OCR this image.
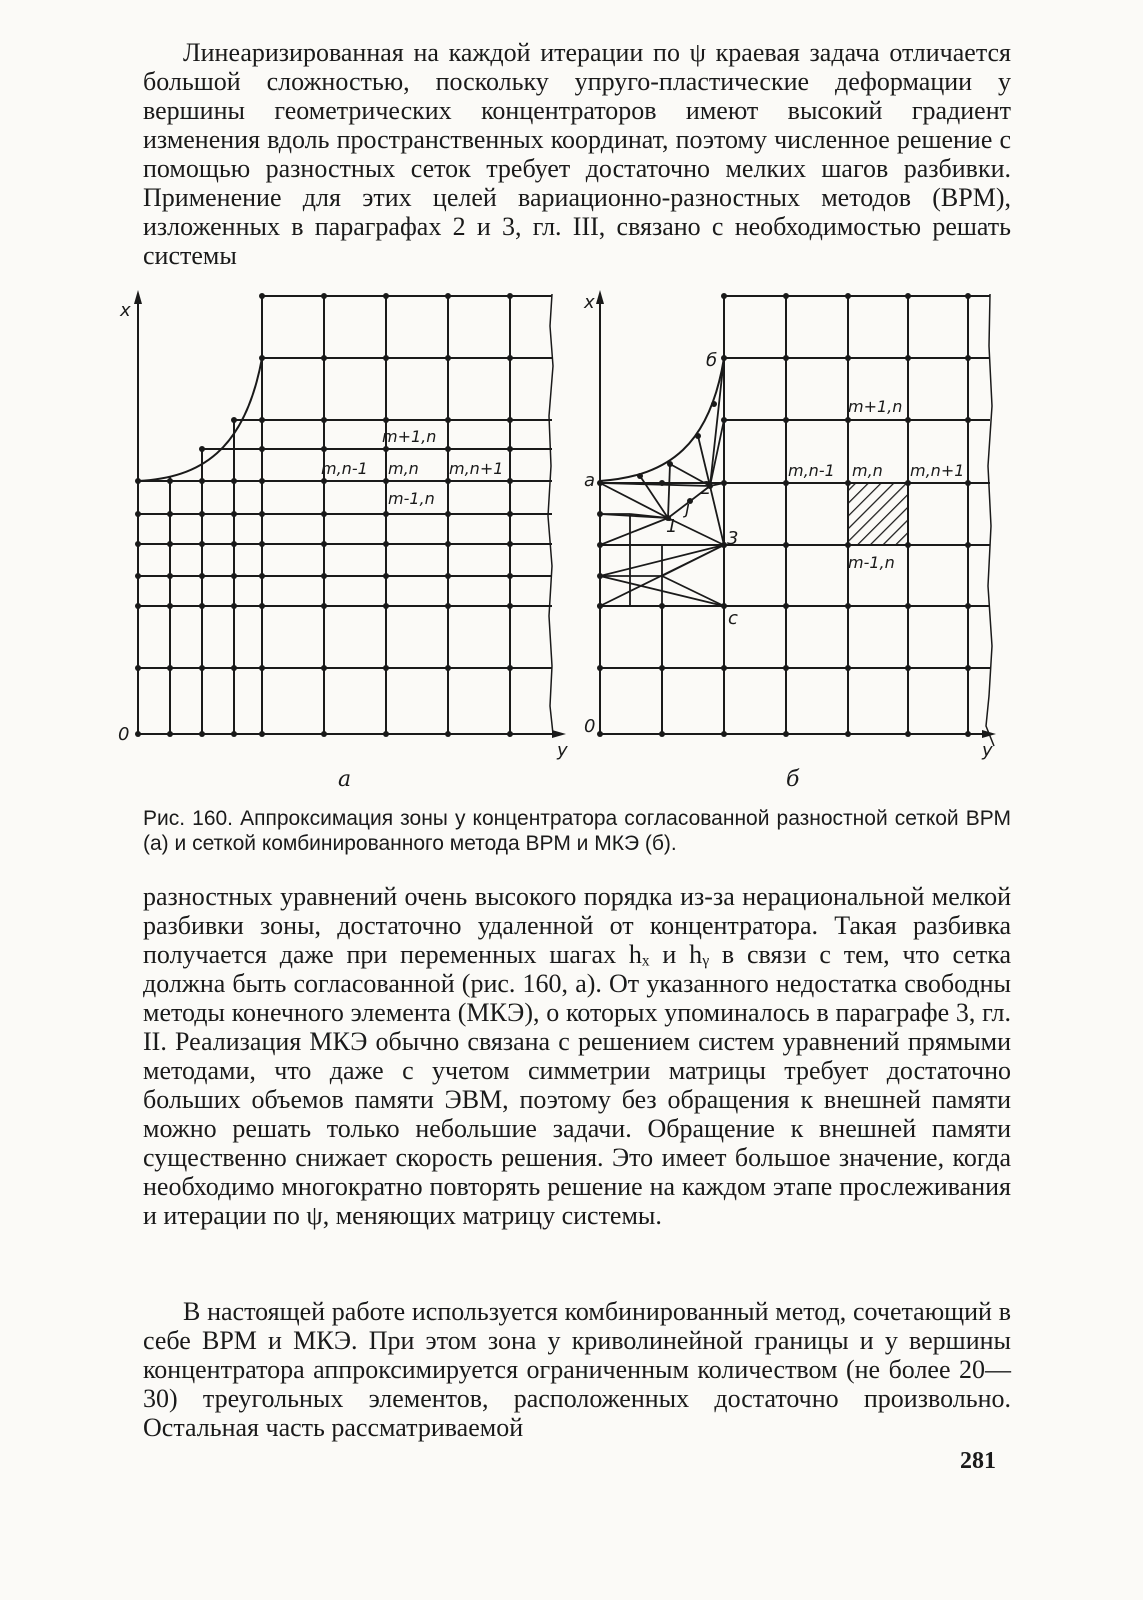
Линеаризированная на каждой итерации по ψ краевая задача отличается большой сложностью, поскольку упруго-пластические деформации у вершины геометрических концентраторов имеют высокий градиент изменения вдоль пространственных координат, поэтому численное решение с помощью разностных сеток требует достаточно мелких шагов разбивки. Применение для этих целей вариационно-разностных методов (ВРМ), изложенных в параграфах 2 и 3, гл. III, связано с необходимостью решать системы

x
y
0
а
m+1,n
m,n-1 m,n m,n+1
m-1,n
x
y
0
б
m+1,n
m,n-1 m,n m,n+1
m-1,n
б
а
с
1
2
3
j

Рис. 160. Аппроксимация зоны у концентратора согласованной разностной сеткой ВРМ (а) и сеткой комбинированного метода ВРМ и МКЭ (б).

разностных уравнений очень высокого порядка из-за нерациональной мелкой разбивки зоны, достаточно удаленной от концентратора. Такая разбивка получается даже при переменных шагах hₓ и hᵧ в связи с тем, что сетка должна быть согласованной (рис. 160, а). От указанного недостатка свободны методы конечного элемента (МКЭ), о которых упоминалось в параграфе 3, гл. II. Реализация МКЭ обычно связана с решением систем уравнений прямыми методами, что даже с учетом симметрии матрицы требует достаточно больших объемов памяти ЭВМ, поэтому без обращения к внешней памяти можно решать только небольшие задачи. Обращение к внешней памяти существенно снижает скорость решения. Это имеет большое значение, когда необходимо многократно повторять решение на каждом этапе прослеживания и итерации по ψ, меняющих матрицу системы.

В настоящей работе используется комбинированный метод, сочетающий в себе ВРМ и МКЭ. При этом зона у криволинейной границы и у вершины концентратора аппроксимируется ограниченным количеством (не более 20—30) треугольных элементов, расположенных достаточно произвольно. Остальная часть рассматриваемой

281
